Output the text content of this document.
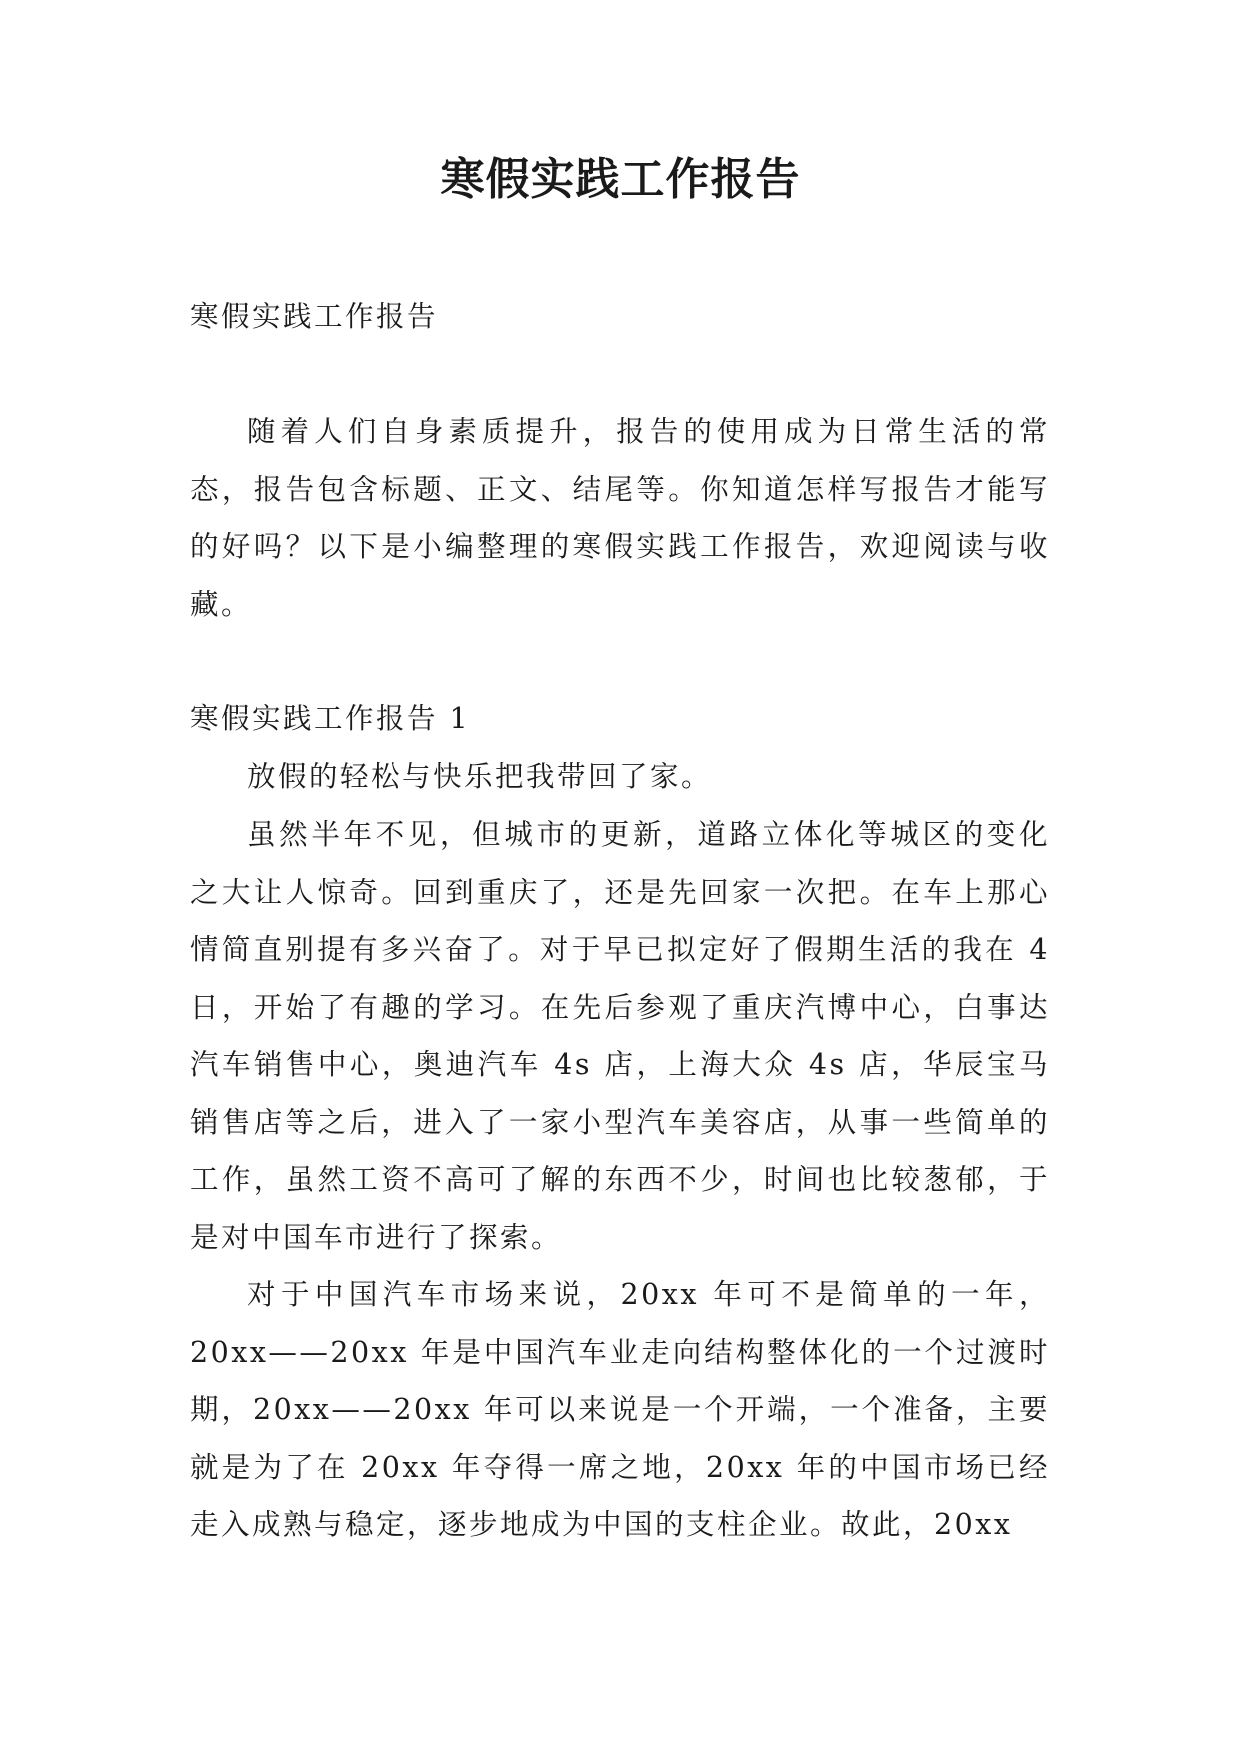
寒假实践工作报告

寒假实践工作报告

随着人们自身素质提升，报告的使用成为日常生活的常态，报告包含标题、正文、结尾等。你知道怎样写报告才能写的好吗？以下是小编整理的寒假实践工作报告，欢迎阅读与收藏。

寒假实践工作报告 1

放假的轻松与快乐把我带回了家。

虽然半年不见，但城市的更新，道路立体化等城区的变化之大让人惊奇。回到重庆了，还是先回家一次把。在车上那心情简直别提有多兴奋了。对于早已拟定好了假期生活的我在 4 日，开始了有趣的学习。在先后参观了重庆汽博中心，白事达汽车销售中心，奥迪汽车 4s 店，上海大众 4s 店，华辰宝马销售店等之后，进入了一家小型汽车美容店，从事一些简单的工作，虽然工资不高可了解的东西不少，时间也比较葱郁，于是对中国车市进行了探索。

对于中国汽车市场来说，20xx 年可不是简单的一年，20xx——20xx 年是中国汽车业走向结构整体化的一个过渡时期，20xx——20xx 年可以来说是一个开端，一个准备，主要就是为了在 20xx 年夺得一席之地，20xx 年的中国市场已经走入成熟与稳定，逐步地成为中国的支柱企业。故此，20xx
